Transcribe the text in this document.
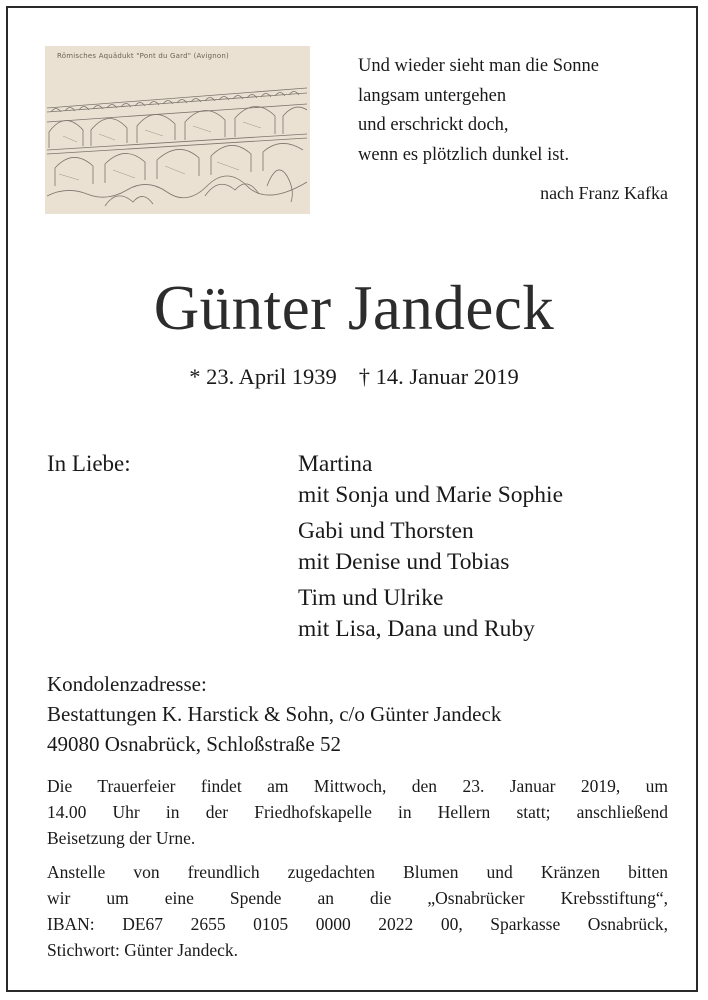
Römisches Aquädukt "Pont du Gard" (Avignon)	Und wieder sieht man die Sonne
langsam untergehen
und erschrickt doch,
wenn es plötzlich dunkel ist.
nach Franz Kafka
Günter Jandeck
* 23. April 1939 † 14. Januar 2019
In Liebe:	Martina
mit Sonja und Marie Sophie
Gabi und Thorsten
mit Denise und Tobias
Tim und Ulrike
mit Lisa, Dana und Ruby
Kondolenzadresse:
Bestattungen K. Harstick & Sohn, c/o Günter Jandeck
49080 Osnabrück, Schloßstraße 52
Die Trauerfeier findet am Mittwoch, den 23. Januar 2019, um
14.00 Uhr in der Friedhofskapelle in Hellern statt; anschließend
Beisetzung der Urne.
Anstelle von freundlich zugedachten Blumen und Kränzen bitten
wir um eine Spende an die „Osnabrücker Krebsstiftung“,
IBAN: DE67 2655 0105 0000 2022 00, Sparkasse Osnabrück,
Stichwort: Günter Jandeck.
